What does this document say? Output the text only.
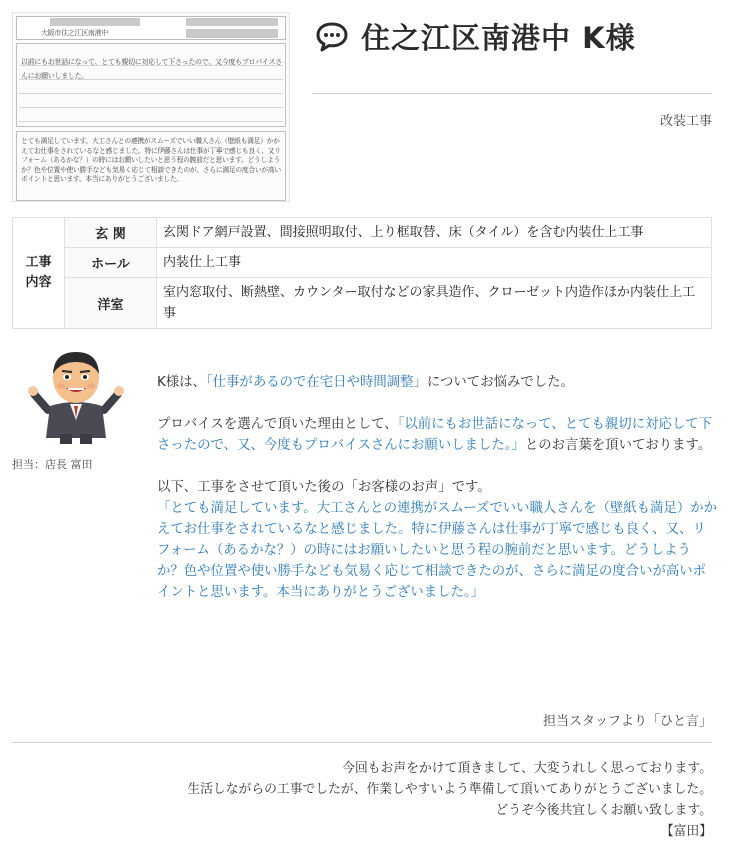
大阪市住之江区南港中
以前にもお世話になって、とても親切に対応して下さったので、又今度もプロバイスさんにお願いしました。
とても満足しています。大工さんとの連携がスムーズでいい職人さん（壁紙も満足）かかえてお仕事をされているなと感じました。特に伊藤さんは仕事が丁寧で感じも良く、又リフォーム（あるかな？）の時にはお願いしたいと思う程の腕前だと思います。どうしようか？色や位置や使い勝手なども気易く応じて相談できたのが、さらに満足の度合いが高いポイントと思います。本当にありがとうございました。
住之江区南港中 K様
改装工事
工事
内容	玄 関	玄関ドア網戸設置、間接照明取付、上り框取替、床（タイル）を含む内装仕上工事
	ホール	内装仕上工事
	洋室	室内窓取付、断熱壁、カウンター取付などの家具造作、クローゼット内造作ほか内装仕上工事
担当：店長 富田

K様は、「仕事があるので在宅日や時間調整」についてお悩みでした。

プロバイスを選んで頂いた理由として、「以前にもお世話になって、とても親切に対応して下さったので、又、今度もプロバイスさんにお願いしました。」とのお言葉を頂いております。

以下、工事をさせて頂いた後の「お客様のお声」です。
「とても満足しています。大工さんとの連携がスムーズでいい職人さんを（壁紙も満足）かかえてお仕事をされているなと感じました。特に伊藤さんは仕事が丁寧で感じも良く、又、リフォーム（あるかな？）の時にはお願いしたいと思う程の腕前だと思います。どうしようか？色や位置や使い勝手なども気易く応じて相談できたのが、さらに満足の度合いが高いポイントと思います。本当にありがとうございました。」

担当スタッフより「ひと言」
今回もお声をかけて頂きまして、大変うれしく思っております。
生活しながらの工事でしたが、作業しやすいよう準備して頂いてありがとうございました。
どうぞ今後共宜しくお願い致します。
【富田】
